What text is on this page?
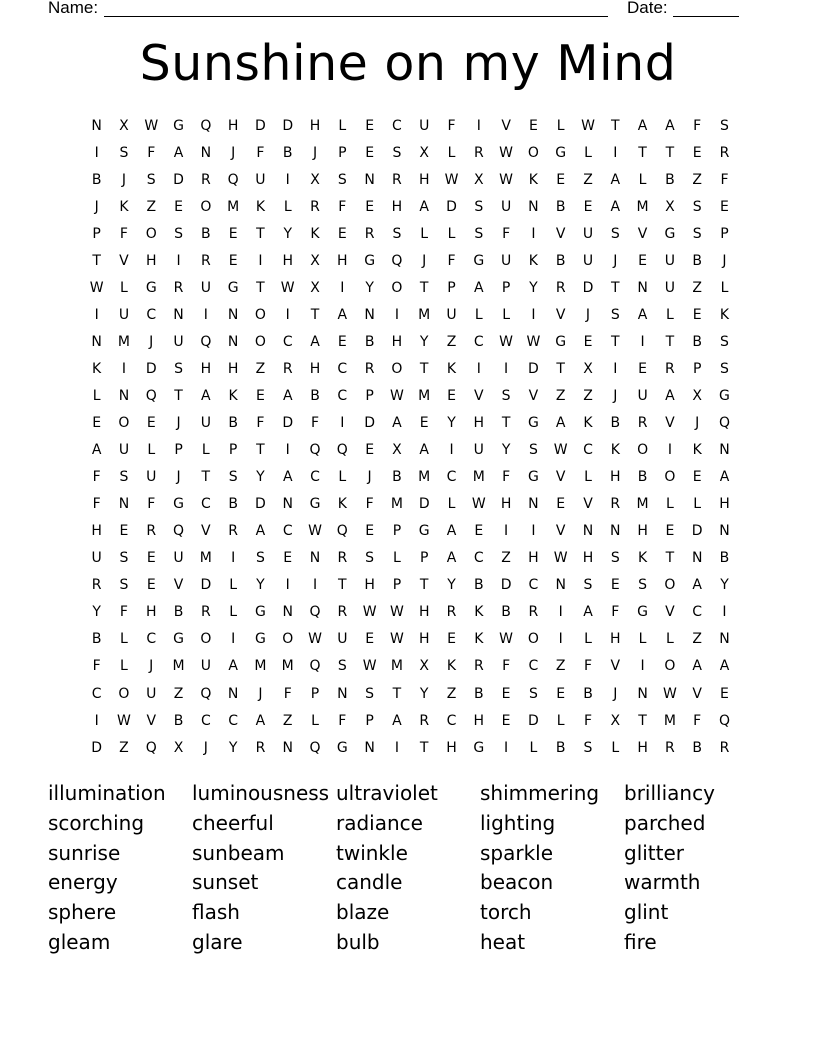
Name:	Date:
Sunshine on my Mind
N	X	W	G	Q	H	D	D	H	L	E	C	U	F	I	V	E	L	W	T	A	A	F	S
I	S	F	A	N	J	F	B	J	P	E	S	X	L	R	W	O	G	L	I	T	T	E	R
B	J	S	D	R	Q	U	I	X	S	N	R	H	W	X	W	K	E	Z	A	L	B	Z	F
J	K	Z	E	O	M	K	L	R	F	E	H	A	D	S	U	N	B	E	A	M	X	S	E
P	F	O	S	B	E	T	Y	K	E	R	S	L	L	S	F	I	V	U	S	V	G	S	P
T	V	H	I	R	E	I	H	X	H	G	Q	J	F	G	U	K	B	U	J	E	U	B	J
W	L	G	R	U	G	T	W	X	I	Y	O	T	P	A	P	Y	R	D	T	N	U	Z	L
I	U	C	N	I	N	O	I	T	A	N	I	M	U	L	L	I	V	J	S	A	L	E	K
N	M	J	U	Q	N	O	C	A	E	B	H	Y	Z	C	W W	G	E	T	I	T	B	S
K	I	D	S	H	H	Z	R	H	C	R	O	T	K	I	I	D	T	X	I	E	R	P	S
L	N	Q	T	A	K	E	A	B	C	P	W	M	E	V	S	V	Z	Z	J	U	A	X	G
E	O	E	J	U	B	F	D	F	I	D	A	E	Y	H	T	G	A	K	B	R	V	J	Q
A	U	L	P	L	P	T	I	Q	Q	E	X	A	I	U	Y	S	W	C	K	O	I	K	N
F	S	U	J	T	S	Y	A	C	L	J	B	M	C	M	F	G	V	L	H	B	O	E	A
F	N	F	G	C	B	D	N	G	K	F	M	D	L	W	H	N	E	V	R	M	L	L	H
H	E	R	Q	V	R	A	C	W	Q	E	P	G	A	E	I	I	V	N	N	H	E	D	N
U	S	E	U	M	I	S	E	N	R	S	L	P	A	C	Z	H	W	H	S	K	T	N	B
R	S	E	V	D	L	Y	I	I	T	H	P	T	Y	B	D	C	N	S	E	S	O	A	Y
Y	F	H	B	R	L	G	N	Q	R	W W	H	R	K	B	R	I	A	F	G	V	C	I
B	L	C	G	O	I	G	O	W	U	E	W	H	E	K	W	O	I	L	H	L	L	Z	N
F	L	J	M	U	A	M	M	Q	S	W	M	X	K	R	F	C	Z	F	V	I	O	A	A
C	O	U	Z	Q	N	J	F	P	N	S	T	Y	Z	B	E	S	E	B	J	N	W	V	E
I	W	V	B	C	C	A	Z	L	F	P	A	R	C	H	E	D	L	F	X	T	M	F	Q
D	Z	Q	X	J	Y	R	N	Q	G	N	I	T	H	G	I	L	B	S	L	H	R	B	R
illumination	luminousness ultraviolet	shimmering	brilliancy
scorching	cheerful	radiance	lighting	parched
sunrise	sunbeam	twinkle	sparkle	glitter
energy	sunset	candle	beacon	warmth
sphere	flash	blaze	torch	glint
gleam	glare	bulb	heat	fire
